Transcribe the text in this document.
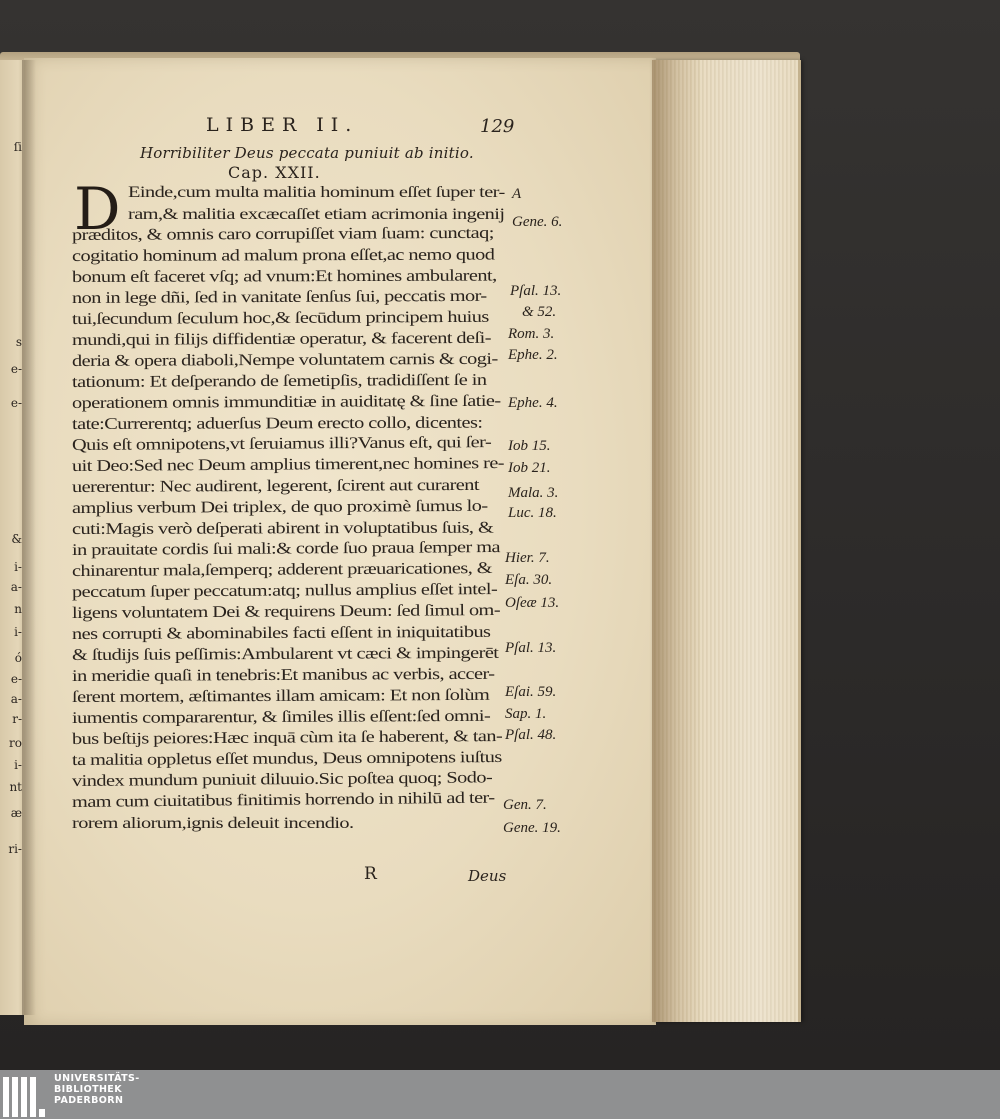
ſi
s
e-
e-
&
i-
a-
n
i-
ó
e-
a-
r-
ro
i-
nt
æ
ri-
LIBER II.	129
Horribiliter Deus peccata puniuit ab initio.
Cap. XXII.
D Einde,cum multa malitia hominum eſſet ſuper ter-
ram,& malitia excæcaſſet etiam acrimonia ingenij
præditos, & omnis caro corrupiſſet viam ſuam: cunctaq;
cogitatio hominum ad malum prona eſſet,ac nemo quod
bonum eſt faceret vſq; ad vnum:Et homines ambularent,
non in lege dñi, ſed in vanitate ſenſus ſui, peccatis mor-
tui,ſecundum ſeculum hoc,& ſecūdum principem huius
mundi,qui in filijs diffidentiæ operatur, & facerent deſi-
deria & opera diaboli,Nempe voluntatem carnis & cogi-
tationum: Et deſperando de ſemetipſis, tradidiſſent ſe in
operationem omnis immunditiæ in auiditatę & ſine ſatie-
tate:Currerentq; aduerſus Deum erecto collo, dicentes:
Quis eſt omnipotens,vt ſeruiamus illi?Vanus eſt, qui ſer-
uit Deo:Sed nec Deum amplius timerent,nec homines re-
uererentur: Nec audirent, legerent, ſcirent aut curarent
amplius verbum Dei triplex, de quo proximè ſumus lo-
cuti:Magis verò deſperati abirent in voluptatibus ſuis, &
in prauitate cordis ſui mali:& corde ſuo praua ſemper ma
chinarentur mala,ſemperq; adderent præuaricationes, &
peccatum ſuper peccatum:atq; nullus amplius eſſet intel-
ligens voluntatem Dei & requirens Deum: ſed ſimul om-
nes corrupti & abominabiles facti eſſent in iniquitatibus
& ſtudijs ſuis peſſimis:Ambularent vt cæci & impingerēt
in meridie quaſi in tenebris:Et manibus ac verbis, accer-
ſerent mortem, æſtimantes illam amicam: Et non ſolùm
iumentis compararentur, & ſimiles illis eſſent:ſed omni-
bus beſtijs peiores:Hæc inquā cùm ita ſe haberent, & tan-
ta malitia oppletus eſſet mundus, Deus omnipotens iuſtus
vindex mundum puniuit diluuio.Sic poſtea quoq; Sodo-
mam cum ciuitatibus finitimis horrendo in nihilū ad ter-
rorem aliorum,ignis deleuit incendio.
A
Gene. 6.
Pſal. 13.
& 52.
Rom. 3.
Ephe. 2.
Ephe. 4.
Iob 15.
Iob 21.
Mala. 3.
Luc. 18.
Hier. 7.
Eſa. 30.
Oſeæ 13.
Pſal. 13.
Eſai. 59.
Sap. 1.
Pſal. 48.
Gen. 7.
Gene. 19.
R	Deus
UNIVERSITÄTS-
BIBLIOTHEK
PADERBORN
